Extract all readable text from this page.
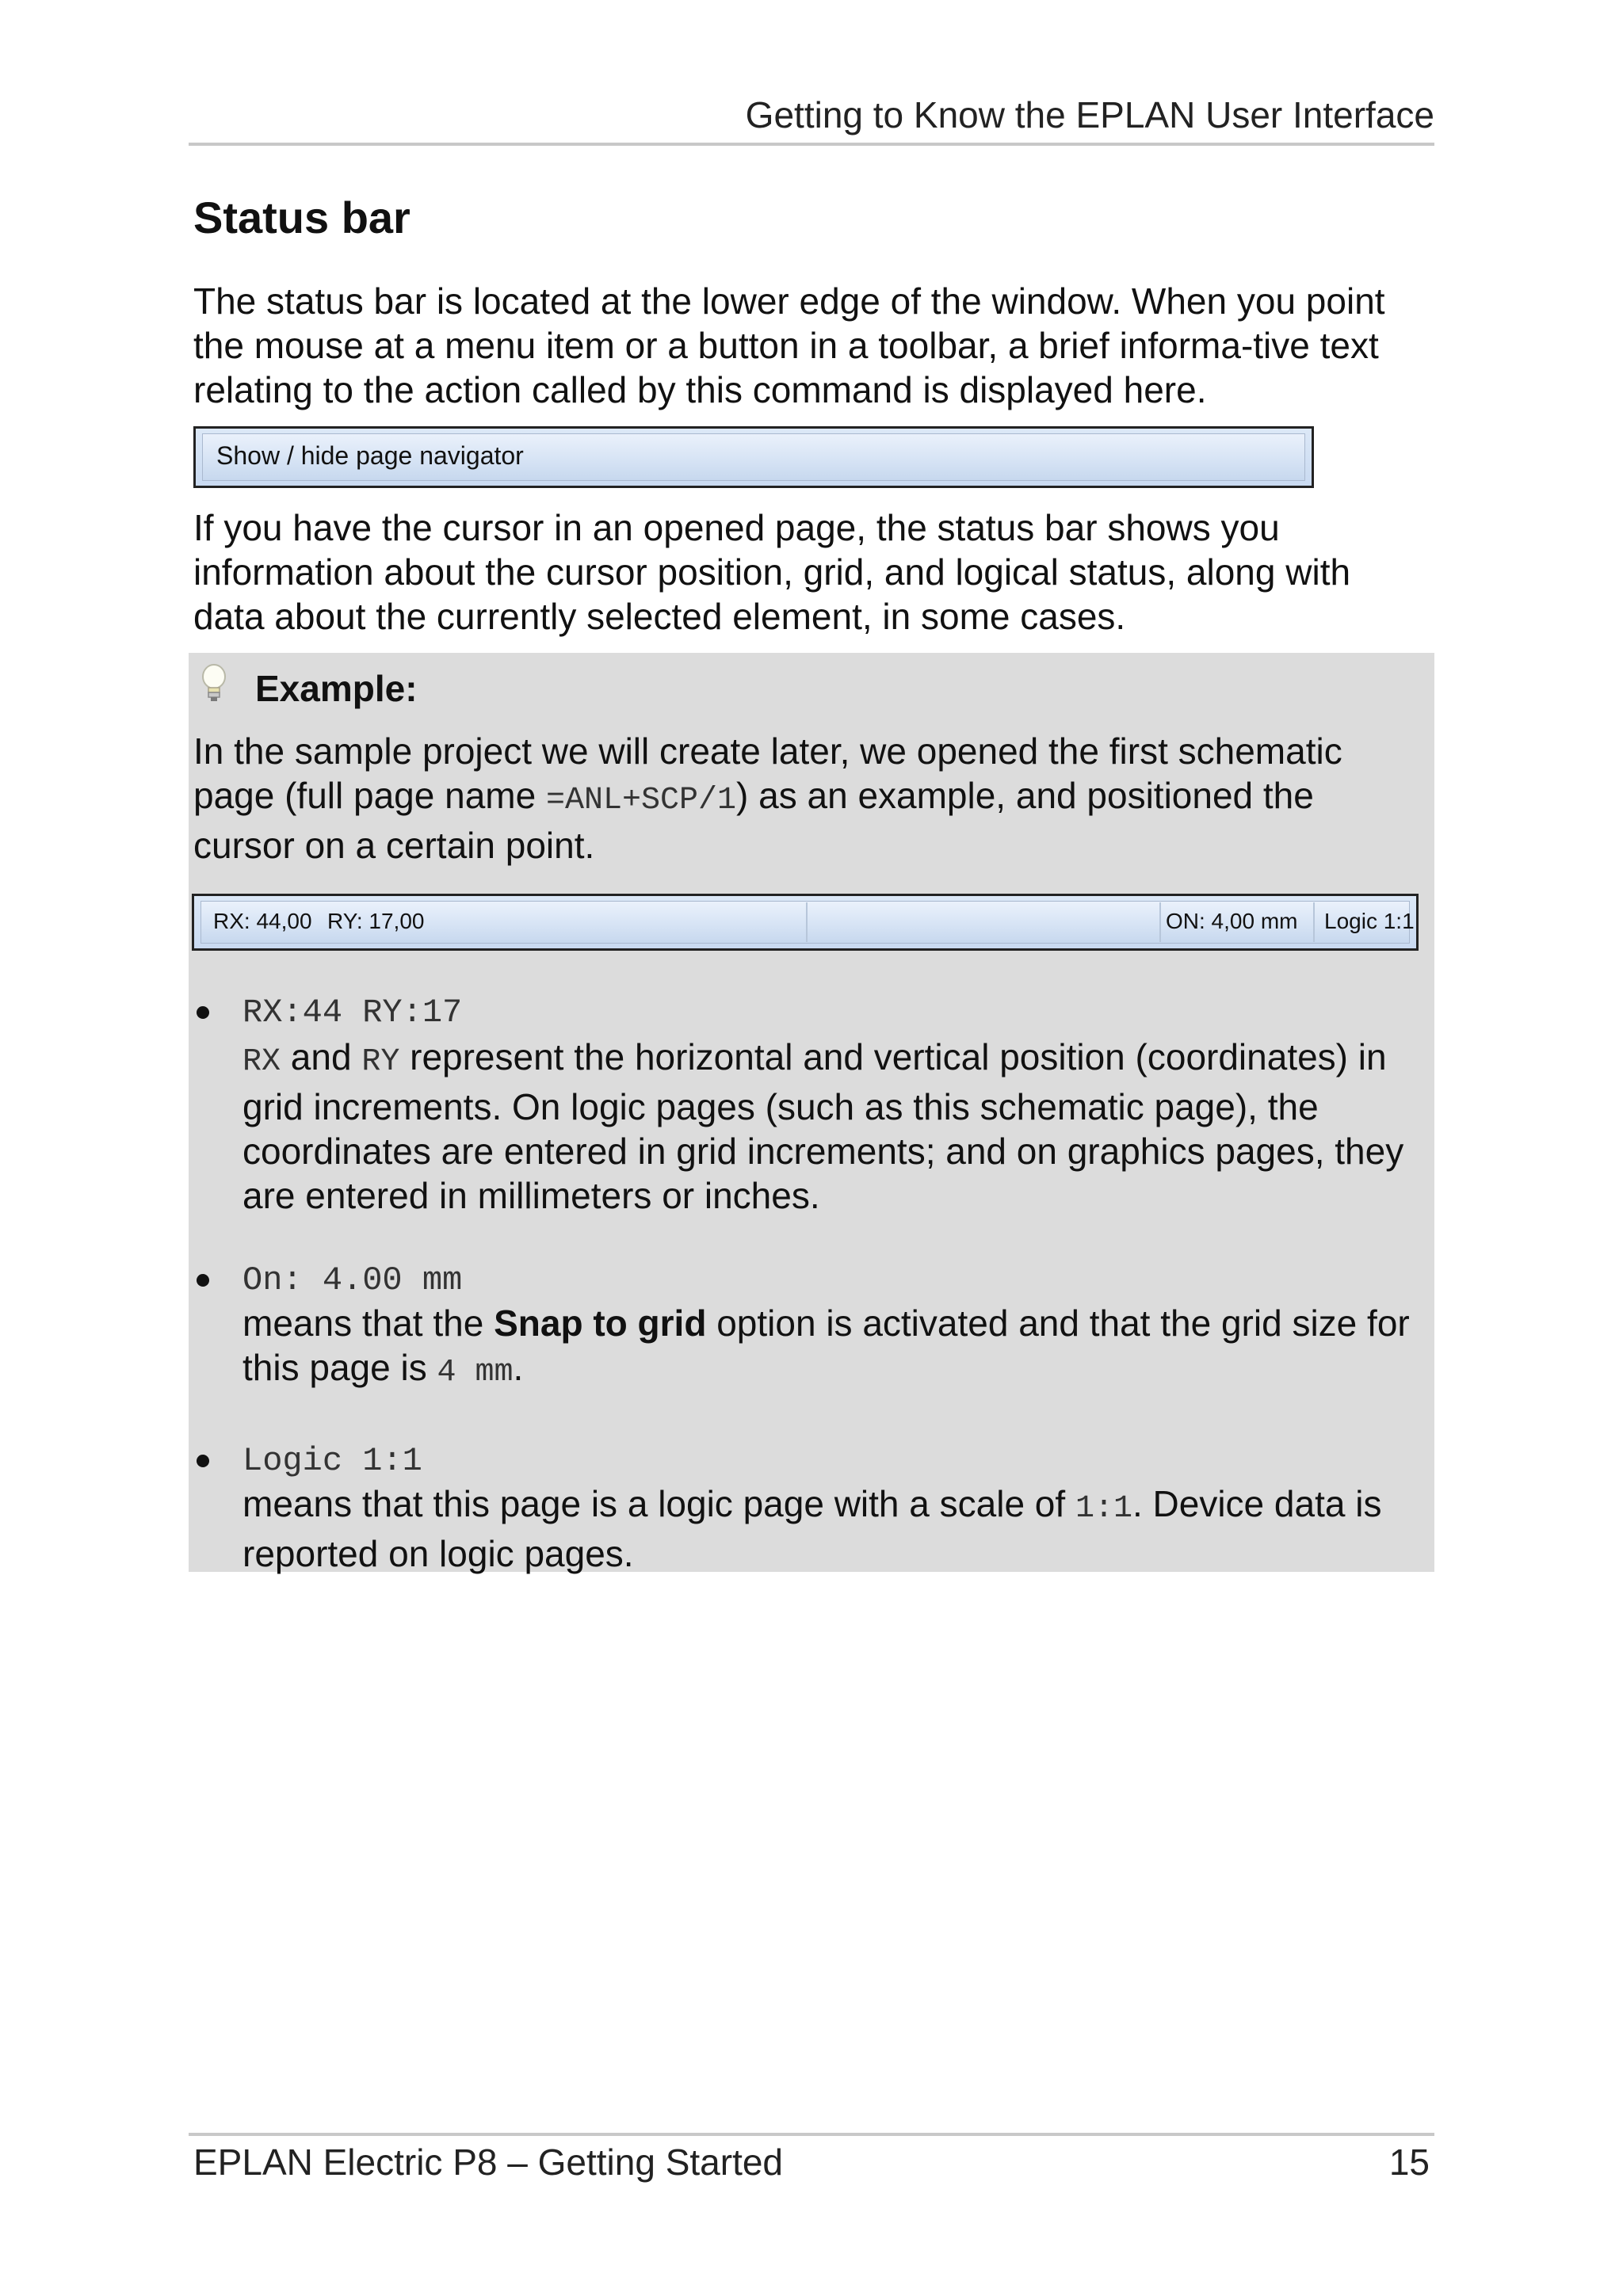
Getting to Know the EPLAN User Interface
Status bar

The status bar is located at the lower edge of the window. When you point the mouse at a menu item or a button in a toolbar, a brief informa-tive text relating to the action called by this command is displayed here.

Show / hide page navigator

If you have the cursor in an opened page, the status bar shows you information about the cursor position, grid, and logical status, along with data about the currently selected element, in some cases.

Example:

In the sample project we will create later, we opened the first schematic page (full page name =ANL+SCP/1) as an example, and positioned the cursor on a certain point.

RX: 44,00 RY: 17,00	ON: 4,00 mm Logic 1:1
RX:44 RY:17

RX and RY represent the horizontal and vertical position (coordinates) in grid increments. On logic pages (such as this schematic page), the coordinates are entered in grid increments; and on graphics pages, they are entered in millimeters or inches.

On: 4.00 mm

means that the Snap to grid option is activated and that the grid size for this page is 4 mm.

Logic 1:1

means that this page is a logic page with a scale of 1:1. Device data is reported on logic pages.

EPLAN Electric P8 – Getting Started	15
